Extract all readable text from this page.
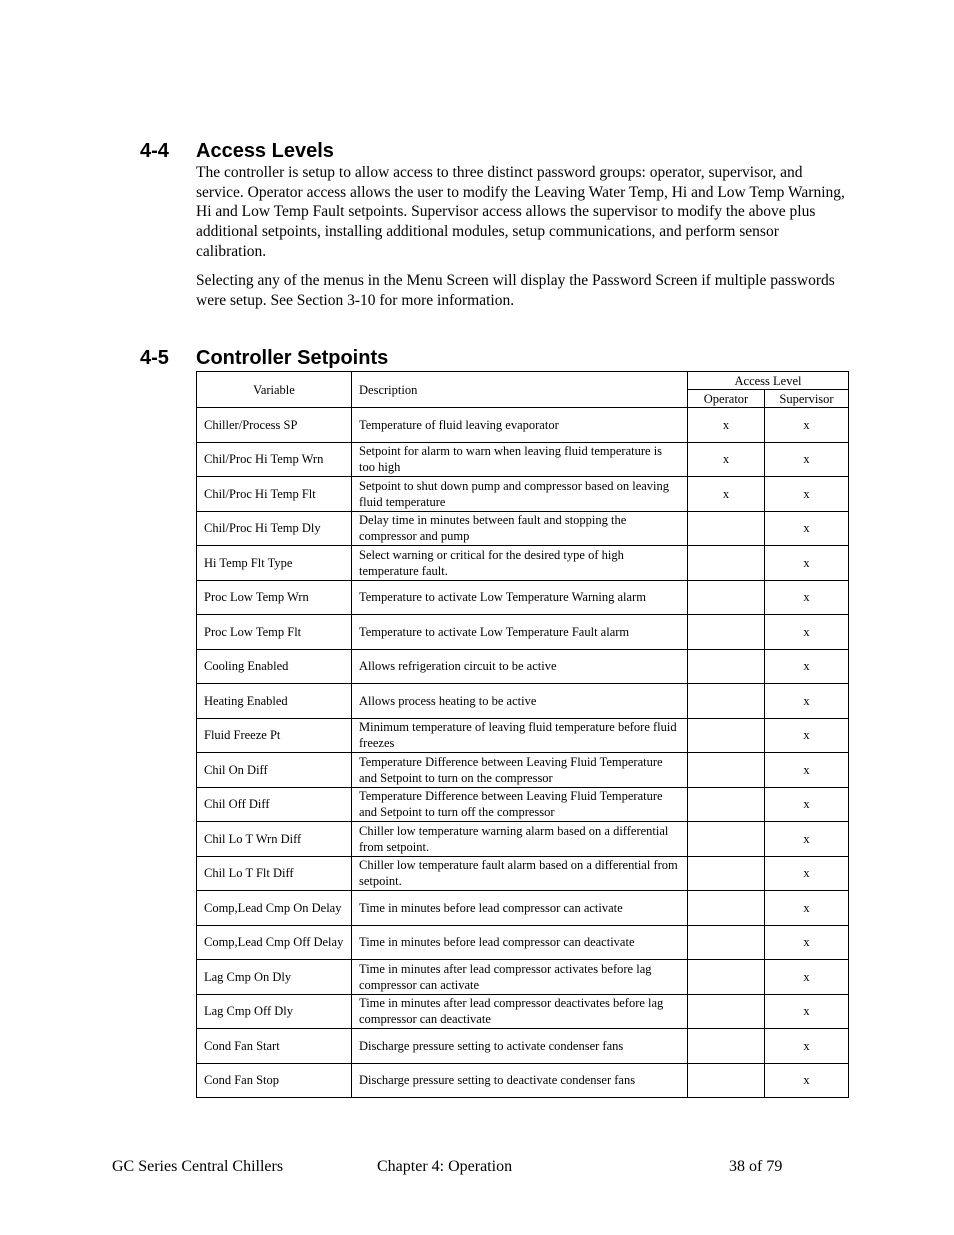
4-4 Access Levels

The controller is setup to allow access to three distinct password groups: operator, supervisor, and service. Operator access allows the user to modify the Leaving Water Temp, Hi and Low Temp Warning, Hi and Low Temp Fault setpoints. Supervisor access allows the supervisor to modify the above plus additional setpoints, installing additional modules, setup communications, and perform sensor calibration.

Selecting any of the menus in the Menu Screen will display the Password Screen if multiple passwords were setup. See Section 3-10 for more information.

4-5 Controller Setpoints
Variable	Description	Access Level	
		Operator	Supervisor
Chiller/Process SP	Temperature of fluid leaving evaporator	x	x
Chil/Proc Hi Temp Wrn	Setpoint for alarm to warn when leaving fluid temperature is too high	x	x
Chil/Proc Hi Temp Flt	Setpoint to shut down pump and compressor based on leaving fluid temperature	x	x
Chil/Proc Hi Temp Dly	Delay time in minutes between fault and stopping the compressor and pump		x
Hi Temp Flt Type	Select warning or critical for the desired type of high temperature fault.		x
Proc Low Temp Wrn	Temperature to activate Low Temperature Warning alarm		x
Proc Low Temp Flt	Temperature to activate Low Temperature Fault alarm		x
Cooling Enabled	Allows refrigeration circuit to be active		x
Heating Enabled	Allows process heating to be active		x
Fluid Freeze Pt	Minimum temperature of leaving fluid temperature before fluid freezes		x
Chil On Diff	Temperature Difference between Leaving Fluid Temperature and Setpoint to turn on the compressor		x
Chil Off Diff	Temperature Difference between Leaving Fluid Temperature and Setpoint to turn off the compressor		x
Chil Lo T Wrn Diff	Chiller low temperature warning alarm based on a differential from setpoint.		x
Chil Lo T Flt Diff	Chiller low temperature fault alarm based on a differential from setpoint.		x
Comp,Lead Cmp On Delay	Time in minutes before lead compressor can activate		x
Comp,Lead Cmp Off Delay	Time in minutes before lead compressor can deactivate		x
Lag Cmp On Dly	Time in minutes after lead compressor activates before lag compressor can activate		x
Lag Cmp Off Dly	Time in minutes after lead compressor deactivates before lag compressor can deactivate		x
Cond Fan Start	Discharge pressure setting to activate condenser fans		x
Cond Fan Stop	Discharge pressure setting to deactivate condenser fans		x
GC Series Central Chillers	Chapter 4: Operation	38 of 79
